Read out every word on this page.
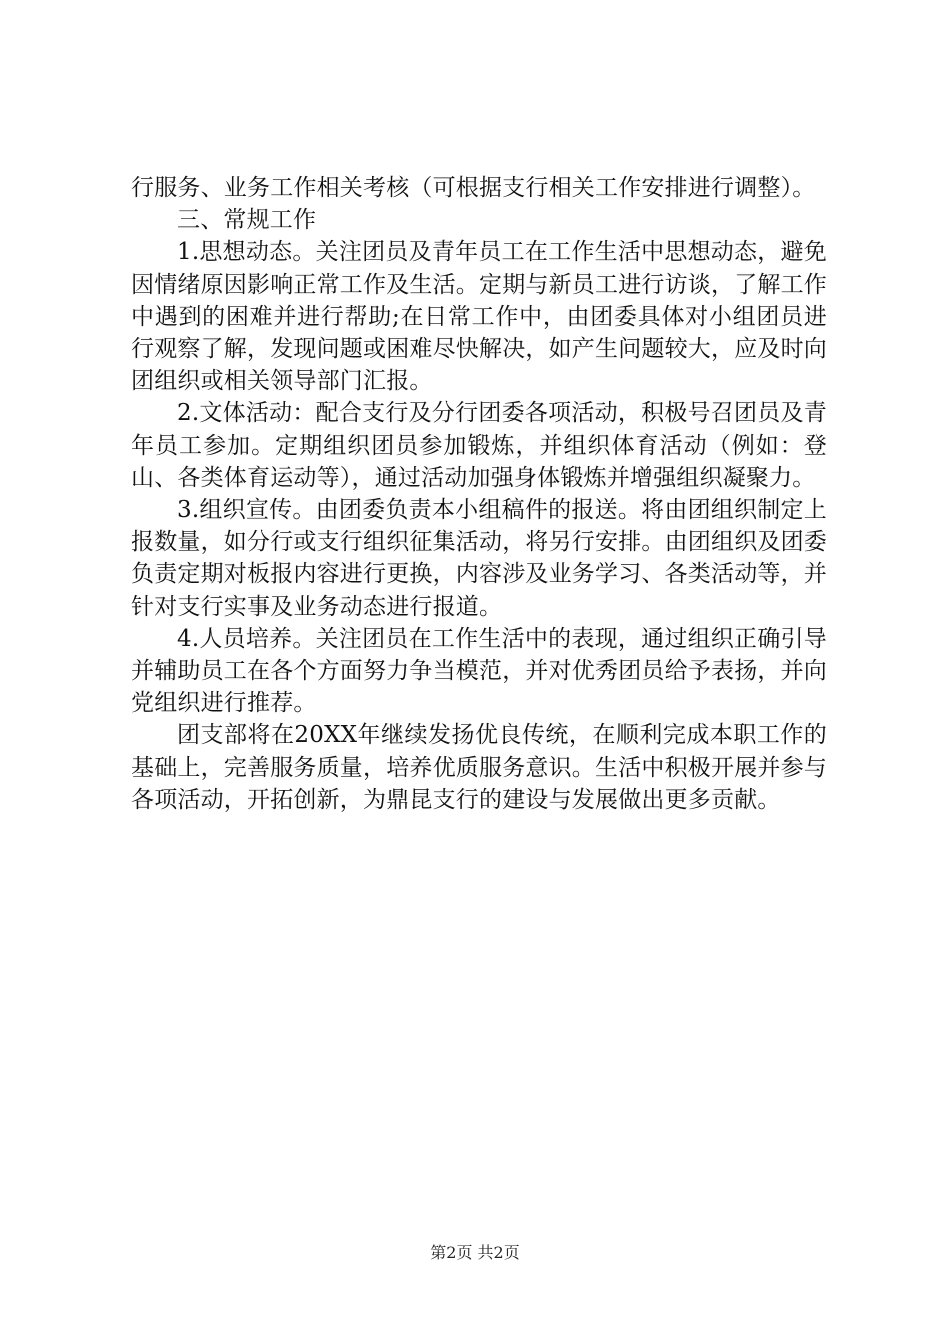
行服务、业务工作相关考核（可根据支行相关工作安排进行调整）。

三、常规工作

1.思想动态。关注团员及青年员工在工作生活中思想动态，避免因情绪原因影响正常工作及生活。定期与新员工进行访谈，了解工作中遇到的困难并进行帮助;在日常工作中，由团委具体对小组团员进行观察了解，发现问题或困难尽快解决，如产生问题较大，应及时向团组织或相关领导部门汇报。

2.文体活动：配合支行及分行团委各项活动，积极号召团员及青年员工参加。定期组织团员参加锻炼，并组织体育活动（例如：登山、各类体育运动等），通过活动加强身体锻炼并增强组织凝聚力。

3.组织宣传。由团委负责本小组稿件的报送。将由团组织制定上报数量，如分行或支行组织征集活动，将另行安排。由团组织及团委负责定期对板报内容进行更换，内容涉及业务学习、各类活动等，并针对支行实事及业务动态进行报道。

4.人员培养。关注团员在工作生活中的表现，通过组织正确引导并辅助员工在各个方面努力争当模范，并对优秀团员给予表扬，并向党组织进行推荐。

团支部将在20XX年继续发扬优良传统，在顺利完成本职工作的基础上，完善服务质量，培养优质服务意识。生活中积极开展并参与各项活动，开拓创新，为鼎昆支行的建设与发展做出更多贡献。

第2页 共2页
